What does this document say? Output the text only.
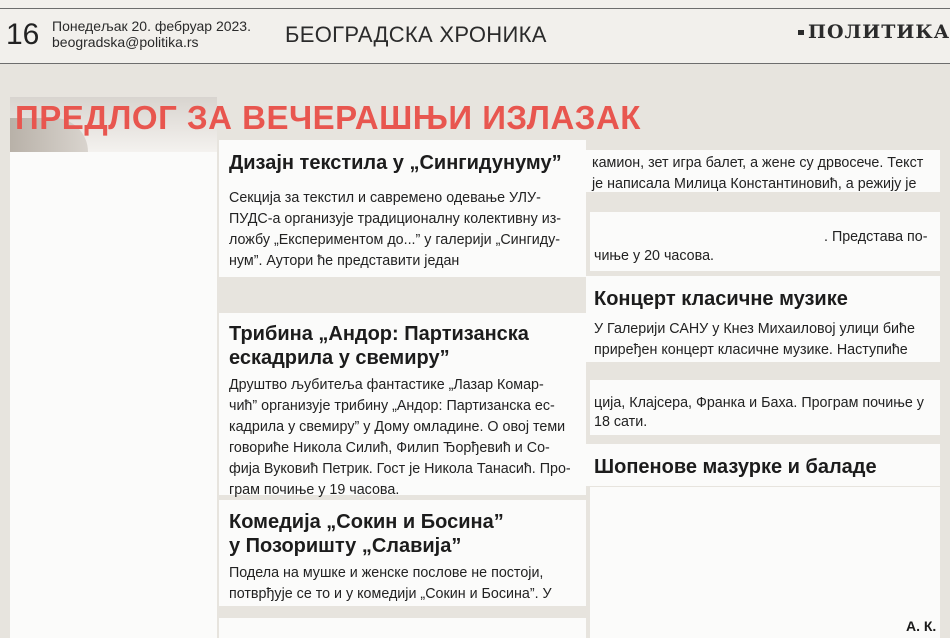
16 Понедељак 20. фебруар 2023.
beogradska@politika.rs	БЕОГРАДСКА ХРОНИКА	ПОЛИТИКА
ПРЕДЛОГ ЗА ВЕЧЕРАШЊИ ИЗЛАЗАК
Дизајн текстила у „Сингидунуму”
Секција за текстил и савремено одевање УЛУ-
ПУДС-а организује традиционалну колективну из-
ложбу „Експериментом до...” у галерији „Сингиду-
нум”. Аутори ће представити један
Трибина „Андор: Партизанска
ескадрила у свемиру”
Друштво љубитеља фантастике „Лазар Комар-
чић” организује трибину „Андор: Партизанска ес-
кадрила у свемиру” у Дому омладине. О овој теми
говориће Никола Силић, Филип Ђорђевић и Со-
фија Вуковић Петрик. Гост је Никола Танасић. Про-
грам почиње у 19 часова.
Комедија „Сокин и Босина”
у Позоришту „Славија”
Подела на мушке и женске послове не постоји,
потврђује се то и у комедији „Сокин и Босина”. У
камион, зет игра балет, а жене су дрвосече. Текст
је написала Милица Константиновић, а режију је
. Представа по-
чиње у 20 часова.
Концерт класичне музике
У Галерији САНУ у Кнез Михаиловој улици биће
приређен концерт класичне музике. Наступиће
ција, Клајсера, Франка и Баха. Програм почиње у
18 сати.
Шопенове мазурке и баладе
А. К.
